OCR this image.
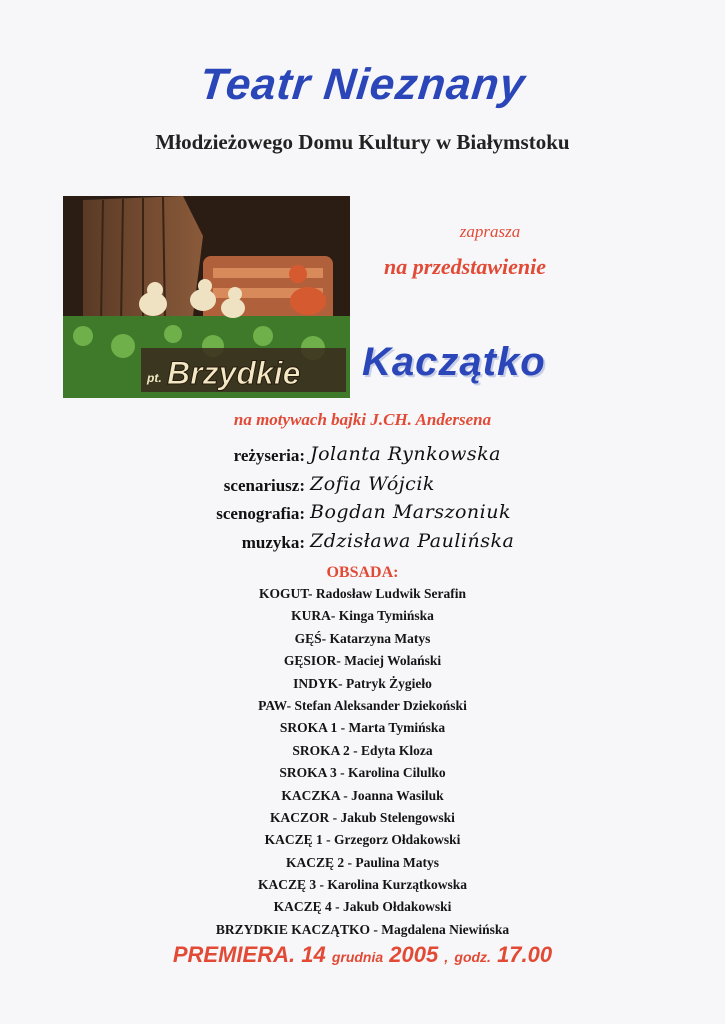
Teatr Nieznany
Młodzieżowego Domu Kultury w Białymstoku
pt. Brzydkie
zaprasza
na przedstawienie
Kaczątko
na motywach bajki J.CH. Andersena
reżyseria: Jolanta Rynkowska
scenariusz: Zofia Wójcik
scenografia: Bogdan Marszoniuk
muzyka: Zdzisława Paulińska
OBSADA:
KOGUT- Radosław Ludwik Serafin
KURA- Kinga Tymińska
GĘŚ- Katarzyna Matys
GĘSIOR- Maciej Wolański
INDYK- Patryk Żygieło
PAW- Stefan Aleksander Dziekoński
SROKA 1 - Marta Tymińska
SROKA 2 - Edyta Kloza
SROKA 3 - Karolina Cilulko
KACZKA - Joanna Wasiluk
KACZOR - Jakub Stelengowski
KACZĘ 1 - Grzegorz Ołdakowski
KACZĘ 2 - Paulina Matys
KACZĘ 3 - Karolina Kurzątkowska
KACZĘ 4 - Jakub Ołdakowski
BRZYDKIE KACZĄTKO - Magdalena Niewińska
PREMIERA. 14 grudnia 2005 , godz. 17.00
